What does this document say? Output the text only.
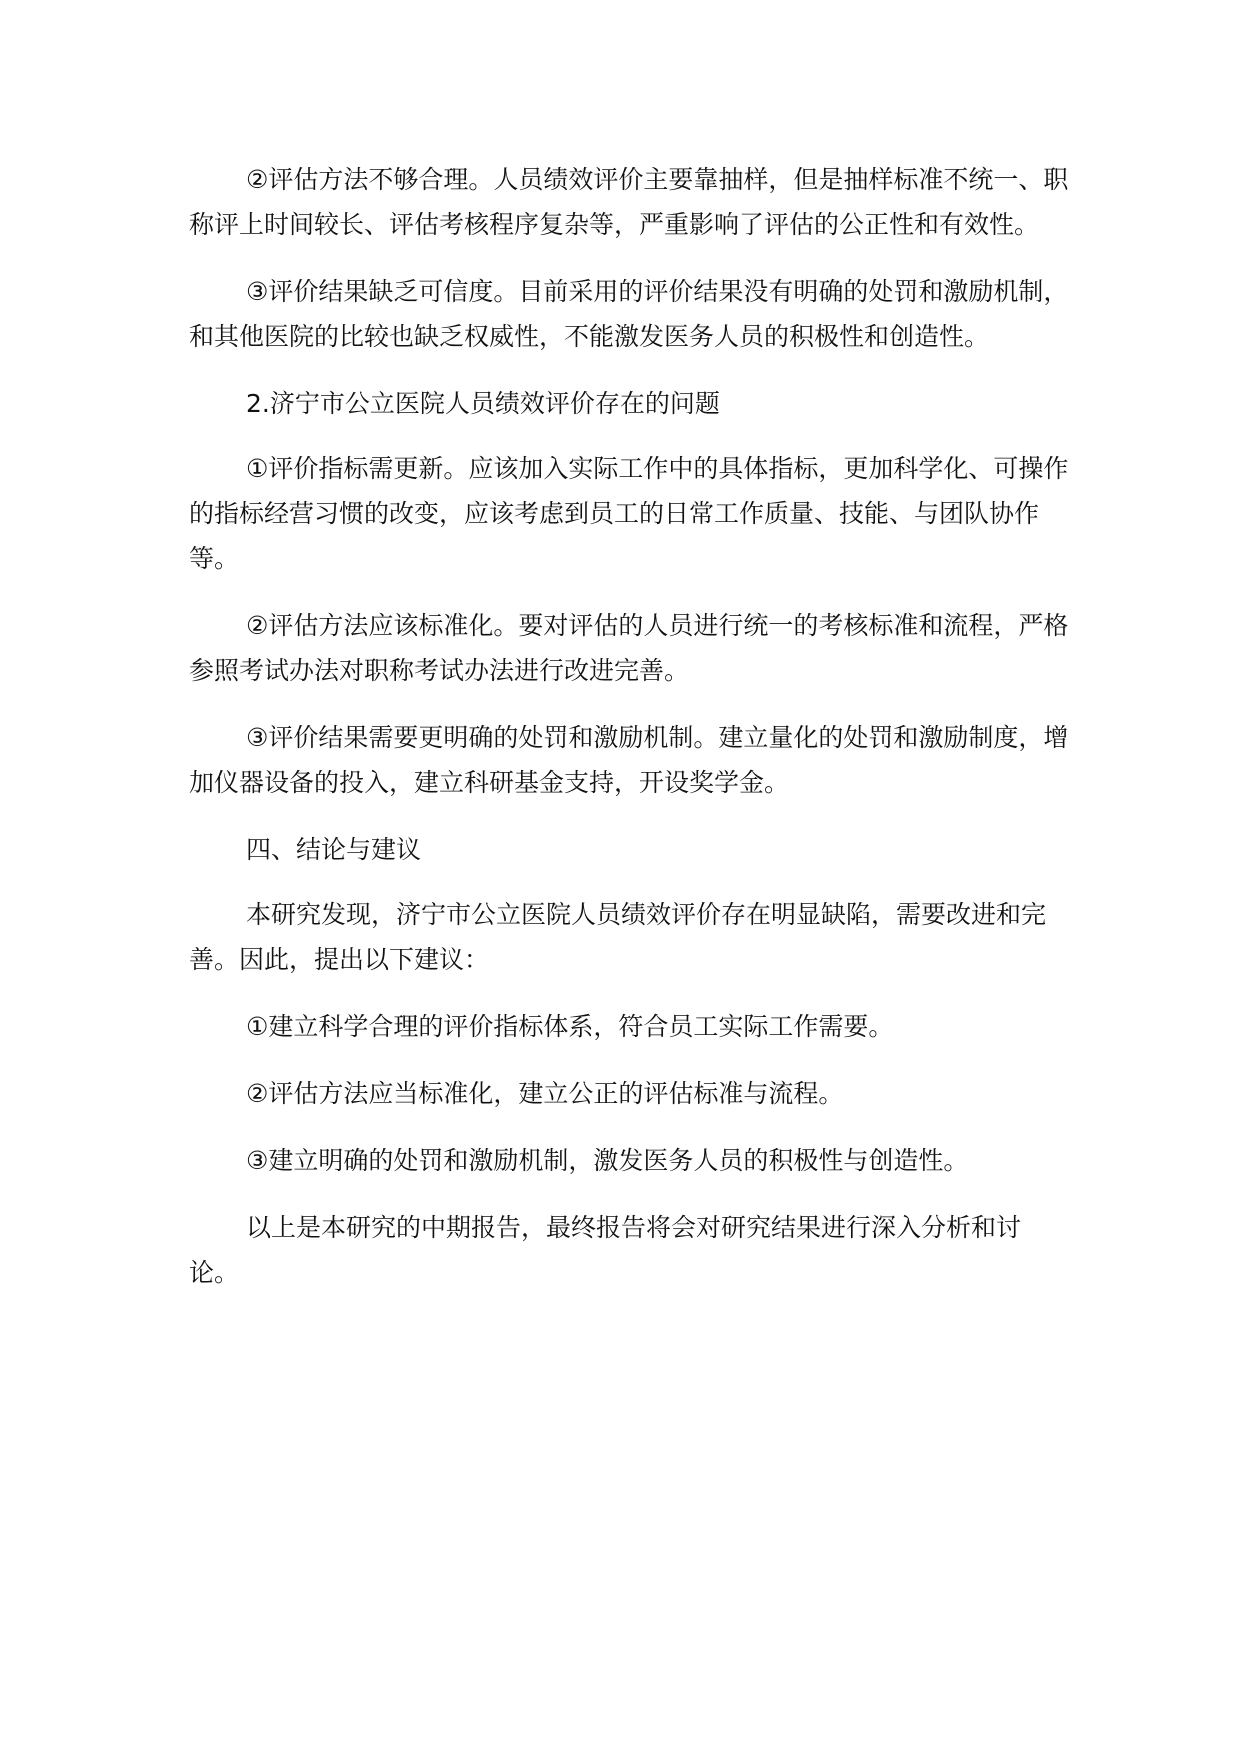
②评估方法不够合理。人员绩效评价主要靠抽样，但是抽样标准不统一、职称评上时间较长、评估考核程序复杂等，严重影响了评估的公正性和有效性。

③评价结果缺乏可信度。目前采用的评价结果没有明确的处罚和激励机制，和其他医院的比较也缺乏权威性，不能激发医务人员的积极性和创造性。

2.济宁市公立医院人员绩效评价存在的问题

①评价指标需更新。应该加入实际工作中的具体指标，更加科学化、可操作的指标经营习惯的改变，应该考虑到员工的日常工作质量、技能、与团队协作等。

②评估方法应该标准化。要对评估的人员进行统一的考核标准和流程，严格参照考试办法对职称考试办法进行改进完善。

③评价结果需要更明确的处罚和激励机制。建立量化的处罚和激励制度，增加仪器设备的投入，建立科研基金支持，开设奖学金。

四、结论与建议

本研究发现，济宁市公立医院人员绩效评价存在明显缺陷，需要改进和完善。因此，提出以下建议：

①建立科学合理的评价指标体系，符合员工实际工作需要。

②评估方法应当标准化，建立公正的评估标准与流程。

③建立明确的处罚和激励机制，激发医务人员的积极性与创造性。

以上是本研究的中期报告，最终报告将会对研究结果进行深入分析和讨论。
